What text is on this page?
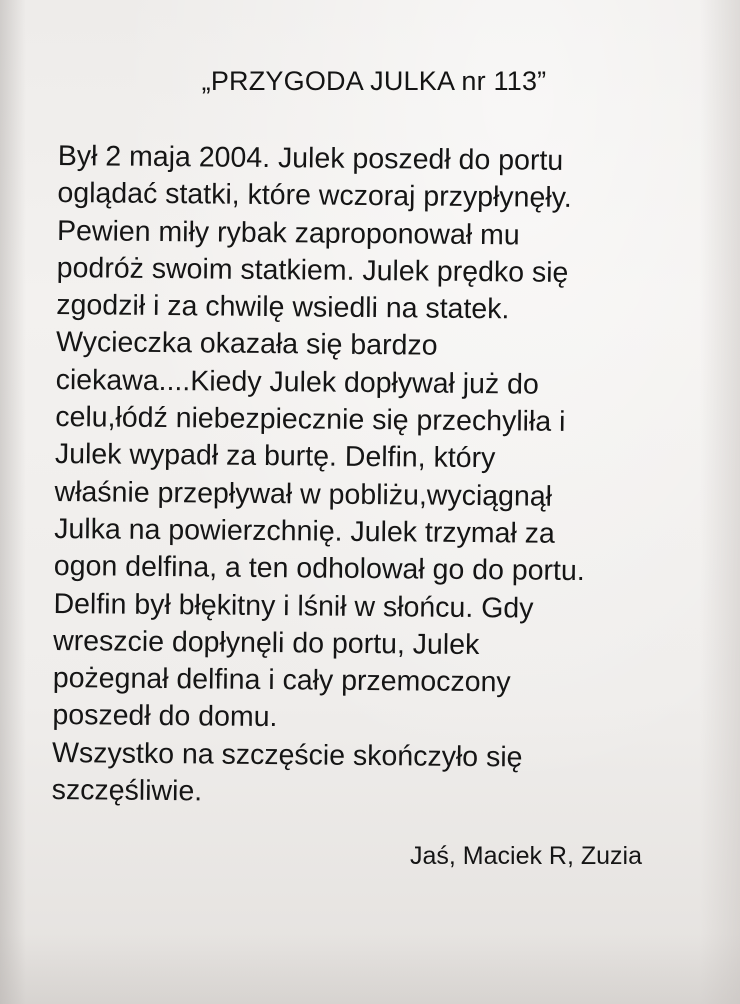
„PRZYGODA JULKA nr 113”
Był 2 maja 2004. Julek poszedł do portu
oglądać statki, które wczoraj przypłynęły.
Pewien miły rybak zaproponował mu
podróż swoim statkiem. Julek prędko się
zgodził i za chwilę wsiedli na statek.
Wycieczka okazała się bardzo
ciekawa....Kiedy Julek dopływał już do
celu,łódź niebezpiecznie się przechyliła i
Julek wypadł za burtę. Delfin, który
właśnie przepływał w pobliżu,wyciągnął
Julka na powierzchnię. Julek trzymał za
ogon delfina, a ten odholował go do portu.
Delfin był błękitny i lśnił w słońcu. Gdy
wreszcie dopłynęli do portu, Julek
pożegnał delfina i cały przemoczony
poszedł do domu.
Wszystko na szczęście skończyło się
szczęśliwie.
Jaś, Maciek R, Zuzia
